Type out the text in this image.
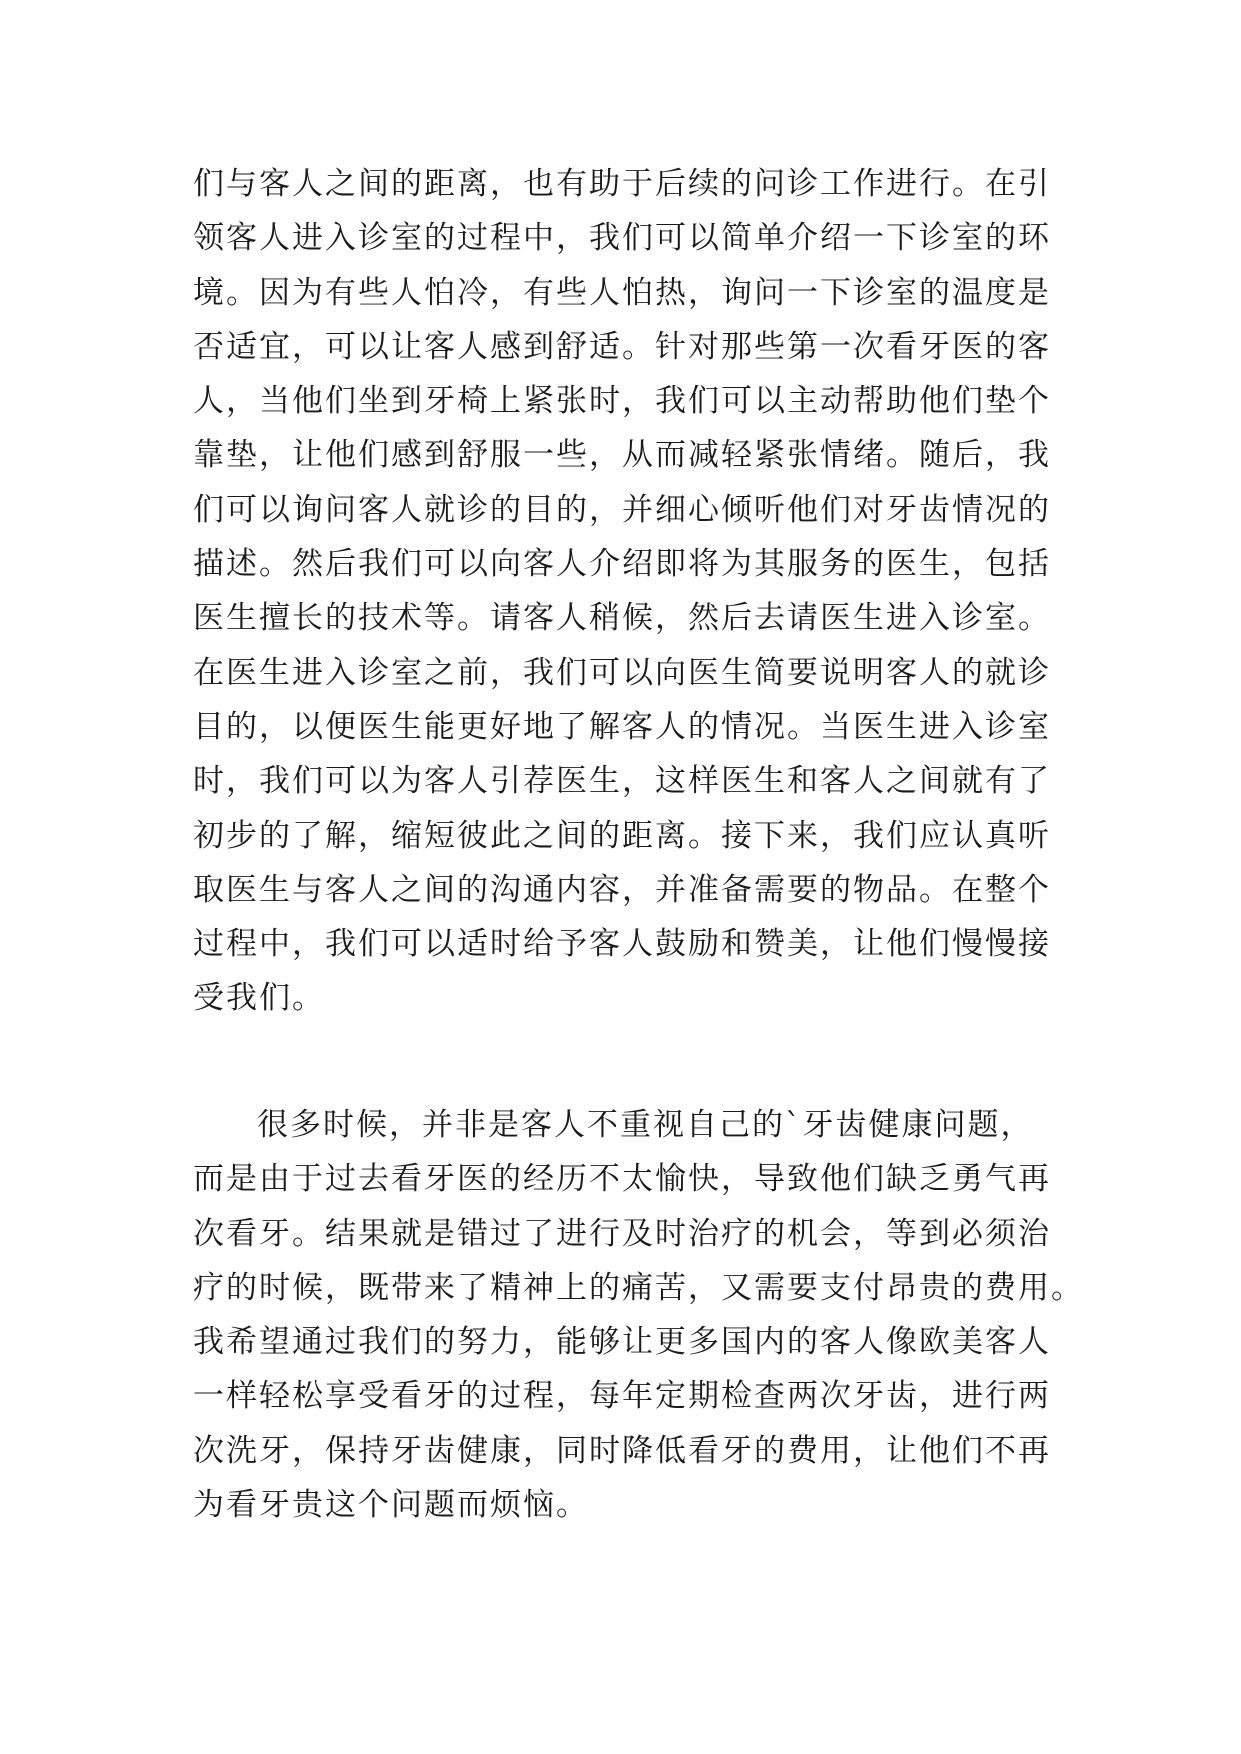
们与客人之间的距离，也有助于后续的问诊工作进行。在引
领客人进入诊室的过程中，我们可以简单介绍一下诊室的环
境。因为有些人怕冷，有些人怕热，询问一下诊室的温度是
否适宜，可以让客人感到舒适。针对那些第一次看牙医的客
人，当他们坐到牙椅上紧张时，我们可以主动帮助他们垫个
靠垫，让他们感到舒服一些，从而减轻紧张情绪。随后，我
们可以询问客人就诊的目的，并细心倾听他们对牙齿情况的
描述。然后我们可以向客人介绍即将为其服务的医生，包括
医生擅长的技术等。请客人稍候，然后去请医生进入诊室。
在医生进入诊室之前，我们可以向医生简要说明客人的就诊
目的，以便医生能更好地了解客人的情况。当医生进入诊室
时，我们可以为客人引荐医生，这样医生和客人之间就有了
初步的了解，缩短彼此之间的距离。接下来，我们应认真听
取医生与客人之间的沟通内容，并准备需要的物品。在整个
过程中，我们可以适时给予客人鼓励和赞美，让他们慢慢接
受我们。
很多时候，并非是客人不重视自己的`牙齿健康问题，
而是由于过去看牙医的经历不太愉快，导致他们缺乏勇气再
次看牙。结果就是错过了进行及时治疗的机会，等到必须治
疗的时候，既带来了精神上的痛苦，又需要支付昂贵的费用。
我希望通过我们的努力，能够让更多国内的客人像欧美客人
一样轻松享受看牙的过程，每年定期检查两次牙齿，进行两
次洗牙，保持牙齿健康，同时降低看牙的费用，让他们不再
为看牙贵这个问题而烦恼。
